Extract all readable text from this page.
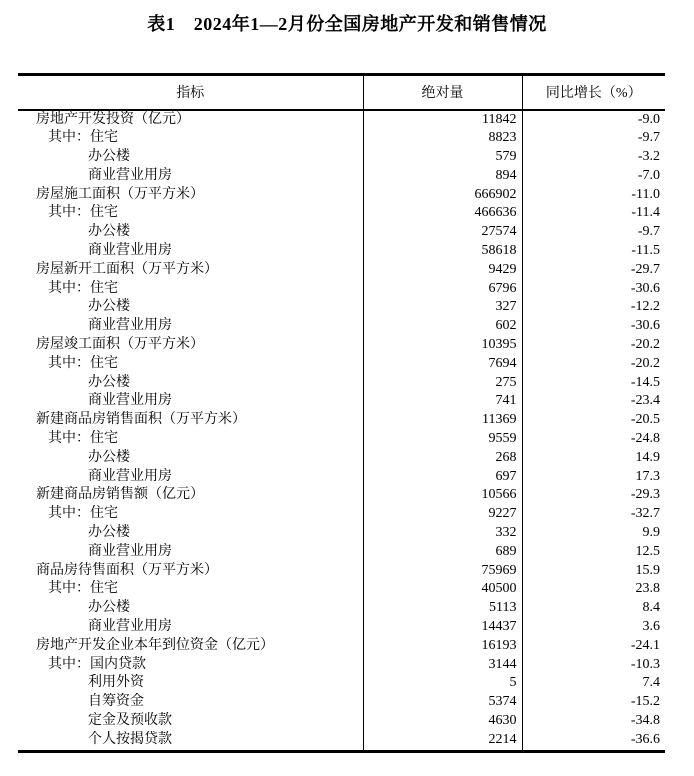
表1　2024年1—2月份全国房地产开发和销售情况
指标	绝对量	同比增长（%）
房地产开发投资（亿元）	11842	-9.0
其中：住宅	8823	-9.7
办公楼	579	-3.2
商业营业用房	894	-7.0
房屋施工面积（万平方米）	666902	-11.0
其中：住宅	466636	-11.4
办公楼	27574	-9.7
商业营业用房	58618	-11.5
房屋新开工面积（万平方米）	9429	-29.7
其中：住宅	6796	-30.6
办公楼	327	-12.2
商业营业用房	602	-30.6
房屋竣工面积（万平方米）	10395	-20.2
其中：住宅	7694	-20.2
办公楼	275	-14.5
商业营业用房	741	-23.4
新建商品房销售面积（万平方米）	11369	-20.5
其中：住宅	9559	-24.8
办公楼	268	14.9
商业营业用房	697	17.3
新建商品房销售额（亿元）	10566	-29.3
其中：住宅	9227	-32.7
办公楼	332	9.9
商业营业用房	689	12.5
商品房待售面积（万平方米）	75969	15.9
其中：住宅	40500	23.8
办公楼	5113	8.4
商业营业用房	14437	3.6
房地产开发企业本年到位资金（亿元）	16193	-24.1
其中：国内贷款	3144	-10.3
利用外资	5	7.4
自筹资金	5374	-15.2
定金及预收款	4630	-34.8
个人按揭贷款	2214	-36.6
